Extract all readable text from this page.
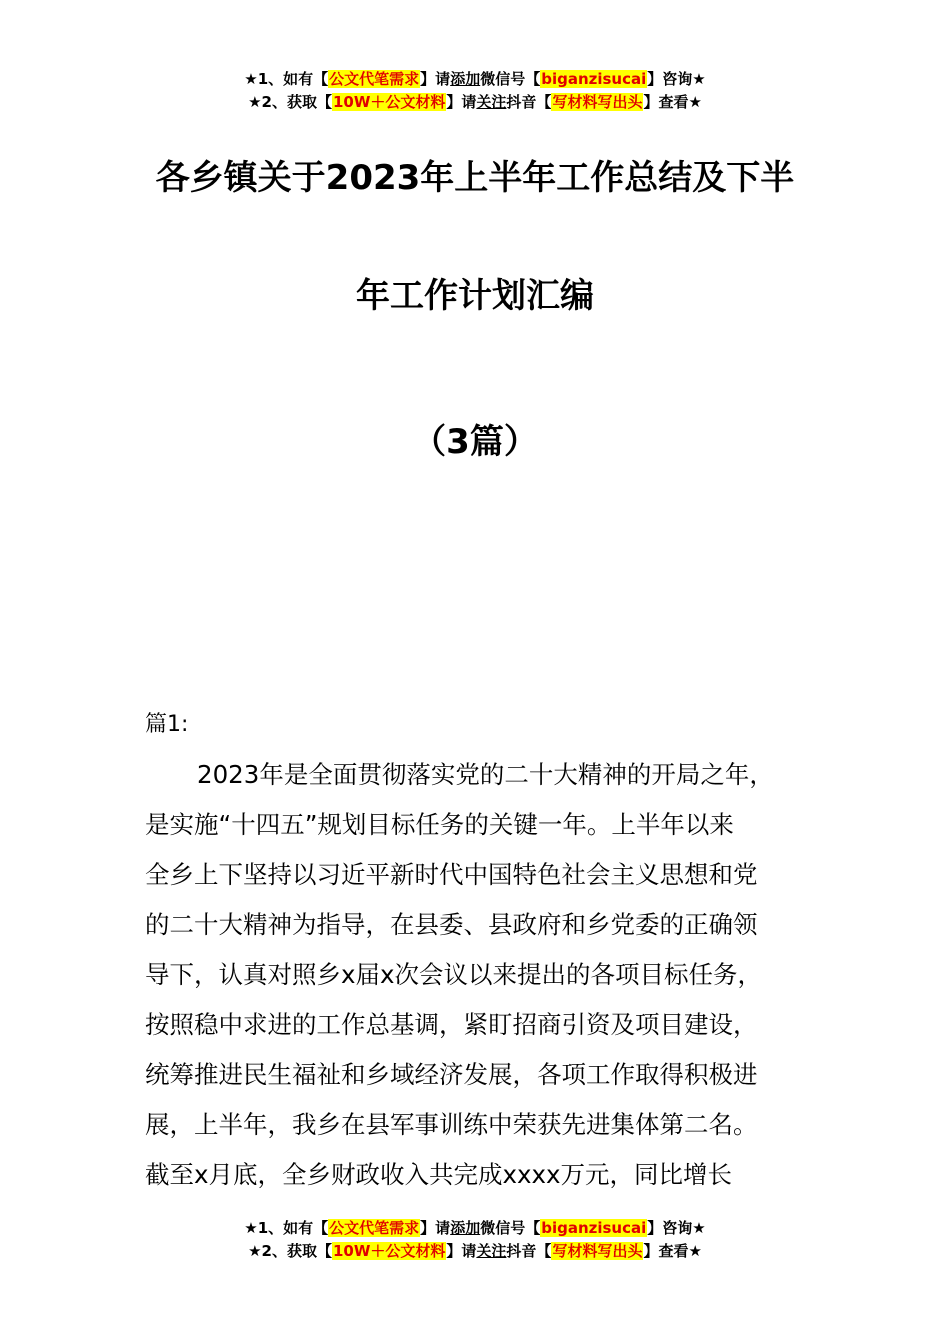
★1、如有【公文代笔需求】请添加微信号【biganzisucai】咨询★
★2、获取【10W＋公文材料】请关注抖音【写材料写出头】查看★
各乡镇关于2023年上半年工作总结及下半
年工作计划汇编
（3篇）
篇1:
2023年是全面贯彻落实党的二十大精神的开局之年，
是实施“十四五”规划目标任务的关键一年。上半年以来
全乡上下坚持以习近平新时代中国特色社会主义思想和党
的二十大精神为指导，在县委、县政府和乡党委的正确领
导下，认真对照乡x届x次会议以来提出的各项目标任务，
按照稳中求进的工作总基调，紧盯招商引资及项目建设，
统筹推进民生福祉和乡域经济发展，各项工作取得积极进
展，上半年，我乡在县军事训练中荣获先进集体第二名。
截至x月底，全乡财政收入共完成xxxx万元，同比增长
★1、如有【公文代笔需求】请添加微信号【biganzisucai】咨询★
★2、获取【10W＋公文材料】请关注抖音【写材料写出头】查看★
